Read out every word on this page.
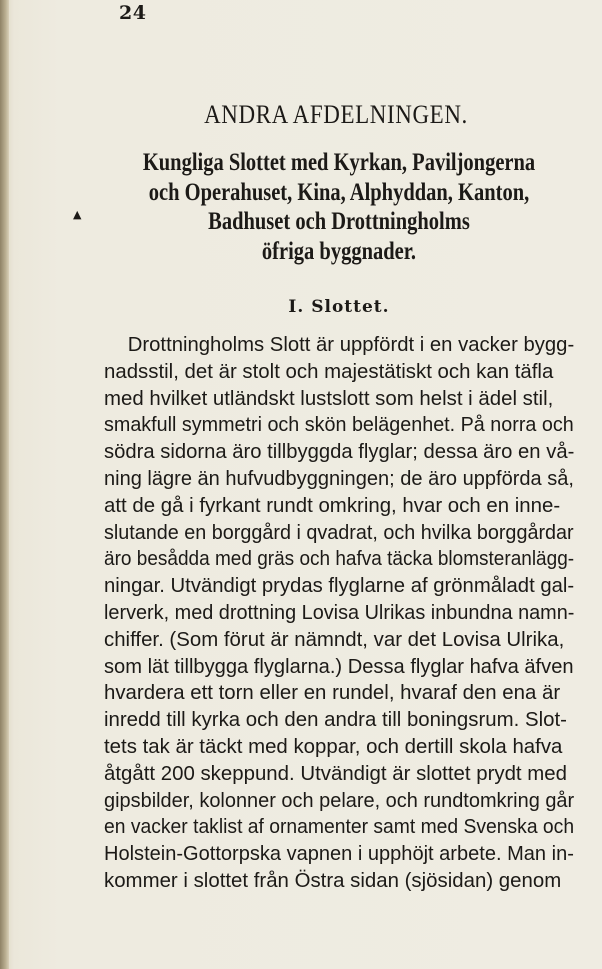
24
ANDRA AFDELNINGEN.
Kungliga Slottet med Kyrkan, Paviljongerna
och Operahuset, Kina, Alphyddan, Kanton,
Badhuset och Drottningholms
öfriga byggnader.
▲
I. Slottet.
Drottningholms Slott är uppfördt i en vacker bygg-
nadsstil, det är stolt och majestätiskt och kan täfla
med hvilket utländskt lustslott som helst i ädel stil,
smakfull symmetri och skön belägenhet. På norra och
södra sidorna äro tillbyggda flyglar; dessa äro en vå-
ning lägre än hufvudbyggningen; de äro uppförda så,
att de gå i fyrkant rundt omkring, hvar och en inne-
slutande en borggård i qvadrat, och hvilka borggårdar
äro besådda med gräs och hafva täcka blomsteranlägg-
ningar. Utvändigt prydas flyglarne af grönmåladt gal-
lerverk, med drottning Lovisa Ulrikas inbundna namn-
chiffer. (Som förut är nämndt, var det Lovisa Ulrika,
som lät tillbygga flyglarna.) Dessa flyglar hafva äfven
hvardera ett torn eller en rundel, hvaraf den ena är
inredd till kyrka och den andra till boningsrum. Slot-
tets tak är täckt med koppar, och dertill skola hafva
åtgått 200 skeppund. Utvändigt är slottet prydt med
gipsbilder, kolonner och pelare, och rundtomkring går
en vacker taklist af ornamenter samt med Svenska och
Holstein-Gottorpska vapnen i upphöjt arbete. Man in-
kommer i slottet från Östra sidan (sjösidan) genom
